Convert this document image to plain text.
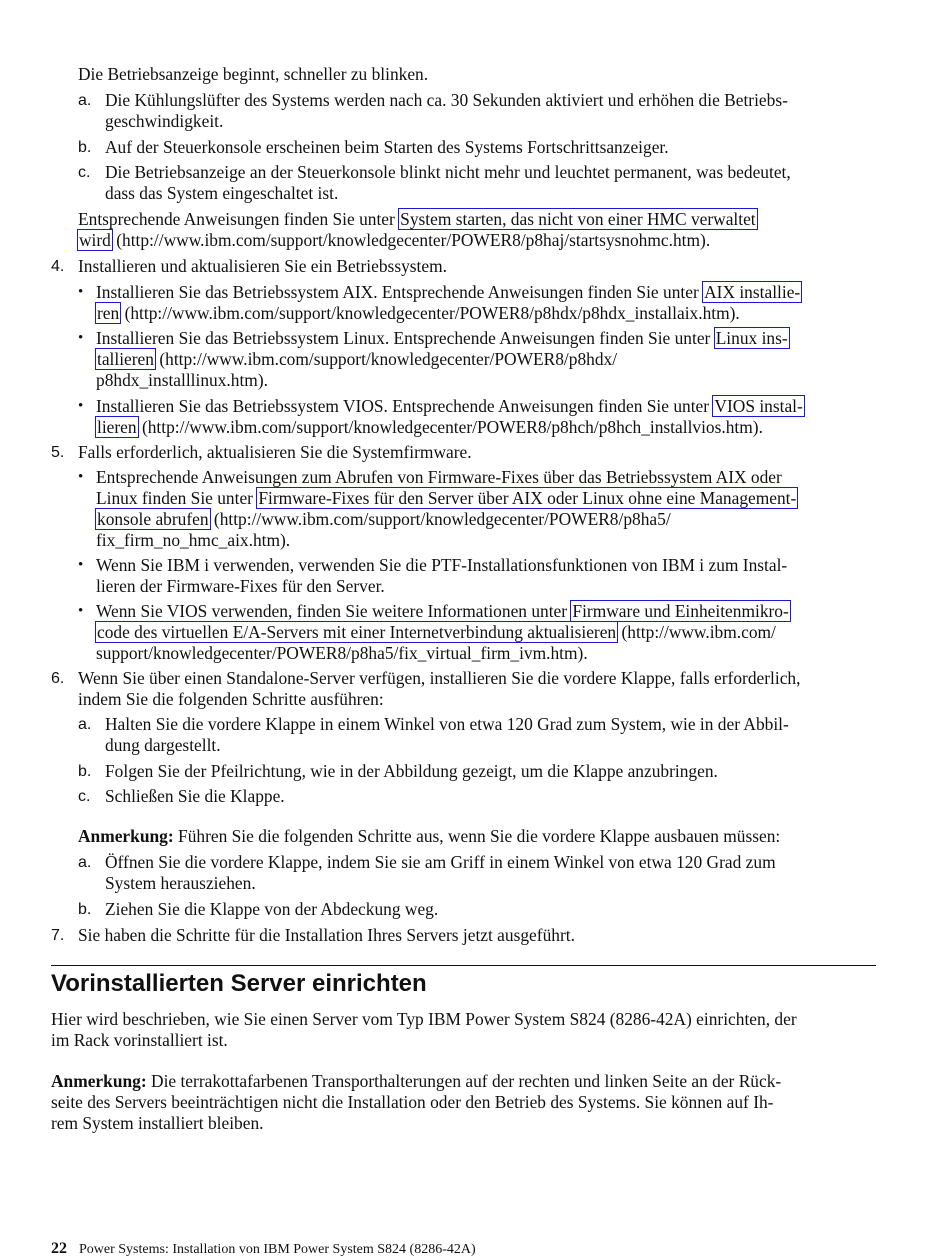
Die Betriebsanzeige beginnt, schneller zu blinken.
a. Die Kühlungslüfter des Systems werden nach ca. 30 Sekunden aktiviert und erhöhen die Betriebs-
geschwindigkeit.
b. Auf der Steuerkonsole erscheinen beim Starten des Systems Fortschrittsanzeiger.
c. Die Betriebsanzeige an der Steuerkonsole blinkt nicht mehr und leuchtet permanent, was bedeutet,
dass das System eingeschaltet ist.
Entsprechende Anweisungen finden Sie unter System starten, das nicht von einer HMC verwaltet
wird (http://www.ibm.com/support/knowledgecenter/POWER8/p8haj/startsysnohmc.htm).
4. Installieren und aktualisieren Sie ein Betriebssystem.
• Installieren Sie das Betriebssystem AIX. Entsprechende Anweisungen finden Sie unter AIX installie-
ren (http://www.ibm.com/support/knowledgecenter/POWER8/p8hdx/p8hdx_installaix.htm).
• Installieren Sie das Betriebssystem Linux. Entsprechende Anweisungen finden Sie unter Linux ins-
tallieren (http://www.ibm.com/support/knowledgecenter/POWER8/p8hdx/
p8hdx_installlinux.htm).
• Installieren Sie das Betriebssystem VIOS. Entsprechende Anweisungen finden Sie unter VIOS instal-
lieren (http://www.ibm.com/support/knowledgecenter/POWER8/p8hch/p8hch_installvios.htm).
5. Falls erforderlich, aktualisieren Sie die Systemfirmware.
• Entsprechende Anweisungen zum Abrufen von Firmware-Fixes über das Betriebssystem AIX oder
Linux finden Sie unter Firmware-Fixes für den Server über AIX oder Linux ohne eine Management-
konsole abrufen (http://www.ibm.com/support/knowledgecenter/POWER8/p8ha5/
fix_firm_no_hmc_aix.htm).
• Wenn Sie IBM i verwenden, verwenden Sie die PTF-Installationsfunktionen von IBM i zum Instal-
lieren der Firmware-Fixes für den Server.
• Wenn Sie VIOS verwenden, finden Sie weitere Informationen unter Firmware und Einheitenmikro-
code des virtuellen E/A-Servers mit einer Internetverbindung aktualisieren (http://www.ibm.com/
support/knowledgecenter/POWER8/p8ha5/fix_virtual_firm_ivm.htm).
6. Wenn Sie über einen Standalone-Server verfügen, installieren Sie die vordere Klappe, falls erforderlich,
indem Sie die folgenden Schritte ausführen:
a. Halten Sie die vordere Klappe in einem Winkel von etwa 120 Grad zum System, wie in der Abbil-
dung dargestellt.
b. Folgen Sie der Pfeilrichtung, wie in der Abbildung gezeigt, um die Klappe anzubringen.
c. Schließen Sie die Klappe.
Anmerkung: Führen Sie die folgenden Schritte aus, wenn Sie die vordere Klappe ausbauen müssen:
a. Öffnen Sie die vordere Klappe, indem Sie sie am Griff in einem Winkel von etwa 120 Grad zum
System herausziehen.
b. Ziehen Sie die Klappe von der Abdeckung weg.
7. Sie haben die Schritte für die Installation Ihres Servers jetzt ausgeführt.
Vorinstallierten Server einrichten
Hier wird beschrieben, wie Sie einen Server vom Typ IBM Power System S824 (8286-42A) einrichten, der
im Rack vorinstalliert ist.
Anmerkung: Die terrakottafarbenen Transporthalterungen auf der rechten und linken Seite an der Rück-
seite des Servers beeinträchtigen nicht die Installation oder den Betrieb des Systems. Sie können auf Ih-
rem System installiert bleiben.
22 Power Systems: Installation von IBM Power System S824 (8286-42A)
